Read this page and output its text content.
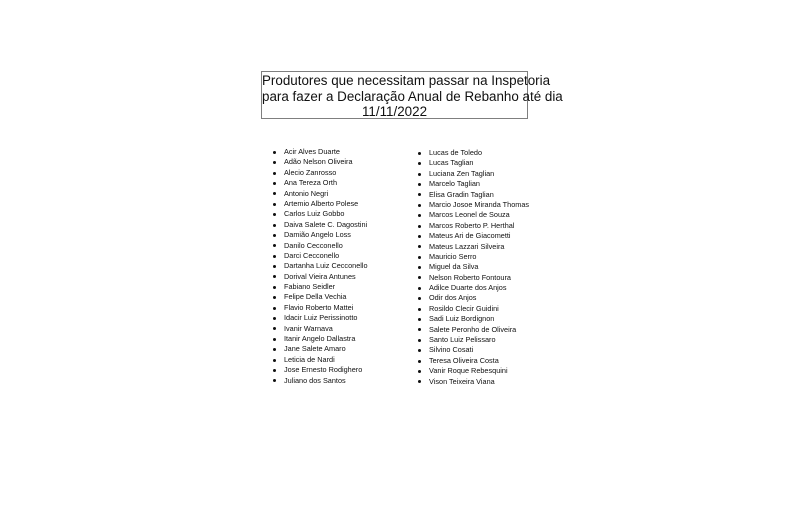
Produtores que necessitam passar na Inspetoria
para fazer a Declaração Anual de Rebanho até dia
11/11/2022
Acir Alves Duarte
Adão Nelson Oliveira
Alecio Zanrosso
Ana Tereza Orth
Antonio Negri
Artemio Alberto Polese
Carlos Luiz Gobbo
Daiva Salete C. Dagostini
Damião Angelo Loss
Danilo Cecconello
Darci Cecconello
Dartanha Luiz Cecconello
Dorival Vieira Antunes
Fabiano Seidler
Felipe Della Vechia
Flavio Roberto Mattei
Idacir Luiz Perissinotto
Ivanir Warnava
Itanir Angelo Dallastra
Jane Salete Amaro
Leticia de Nardi
Jose Ernesto Rodighero
Juliano dos Santos
Lucas de Toledo
Lucas Taglian
Luciana Zen Taglian
Marcelo Taglian
Elisa Gradin Taglian
Marcio Josoe Miranda Thomas
Marcos Leonel de Souza
Marcos Roberto P. Herthal
Mateus Ari de Giacometti
Mateus Lazzari Silveira
Mauricio Serro
Miguel da Silva
Nelson Roberto Fontoura
Adilce Duarte dos Anjos
Odir dos Anjos
Rosildo Clecir Guidini
Sadi Luiz Bordignon
Salete Peronho de Oliveira
Santo Luiz Pelissaro
Silvino Cosati
Teresa Oliveira Costa
Vanir Roque Rebesquini
Vison Teixeira Viana
